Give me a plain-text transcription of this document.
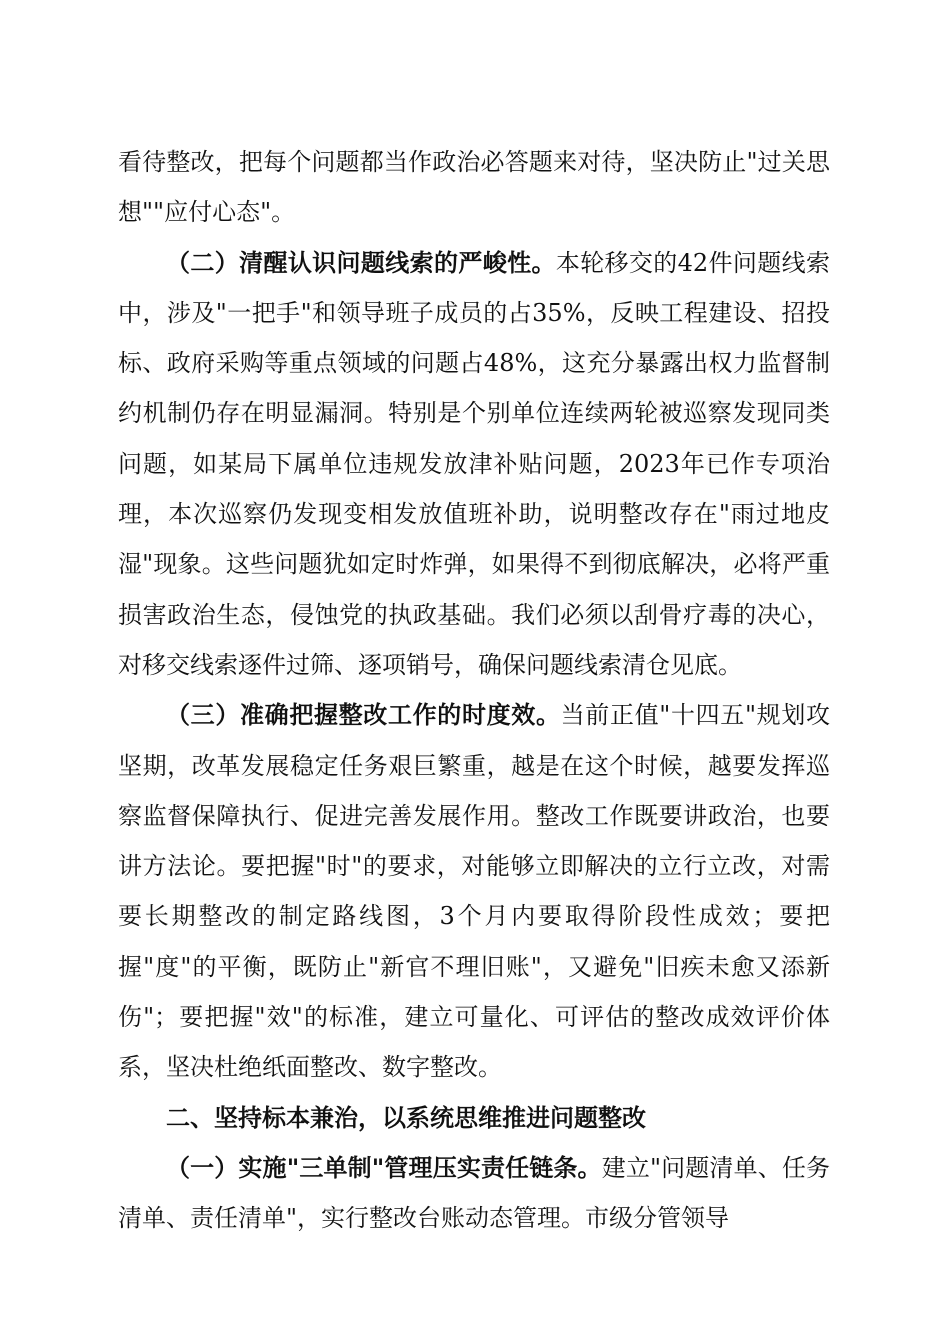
看待整改，把每个问题都当作政治必答题来对待，坚决防止"过关思想""应付心态"。

（二）清醒认识问题线索的严峻性。本轮移交的42件问题线索中，涉及"一把手"和领导班子成员的占35%，反映工程建设、招投标、政府采购等重点领域的问题占48%，这充分暴露出权力监督制约机制仍存在明显漏洞。特别是个别单位连续两轮被巡察发现同类问题，如某局下属单位违规发放津补贴问题，2023年已作专项治理，本次巡察仍发现变相发放值班补助，说明整改存在"雨过地皮湿"现象。这些问题犹如定时炸弹，如果得不到彻底解决，必将严重损害政治生态，侵蚀党的执政基础。我们必须以刮骨疗毒的决心，对移交线索逐件过筛、逐项销号，确保问题线索清仓见底。

（三）准确把握整改工作的时度效。当前正值"十四五"规划攻坚期，改革发展稳定任务艰巨繁重，越是在这个时候，越要发挥巡察监督保障执行、促进完善发展作用。整改工作既要讲政治，也要讲方法论。要把握"时"的要求，对能够立即解决的立行立改，对需要长期整改的制定路线图，3个月内要取得阶段性成效；要把握"度"的平衡，既防止"新官不理旧账"，又避免"旧疾未愈又添新伤"；要把握"效"的标准，建立可量化、可评估的整改成效评价体系，坚决杜绝纸面整改、数字整改。

二、坚持标本兼治，以系统思维推进问题整改

（一）实施"三单制"管理压实责任链条。建立"问题清单、任务清单、责任清单"，实行整改台账动态管理。市级分管领导
